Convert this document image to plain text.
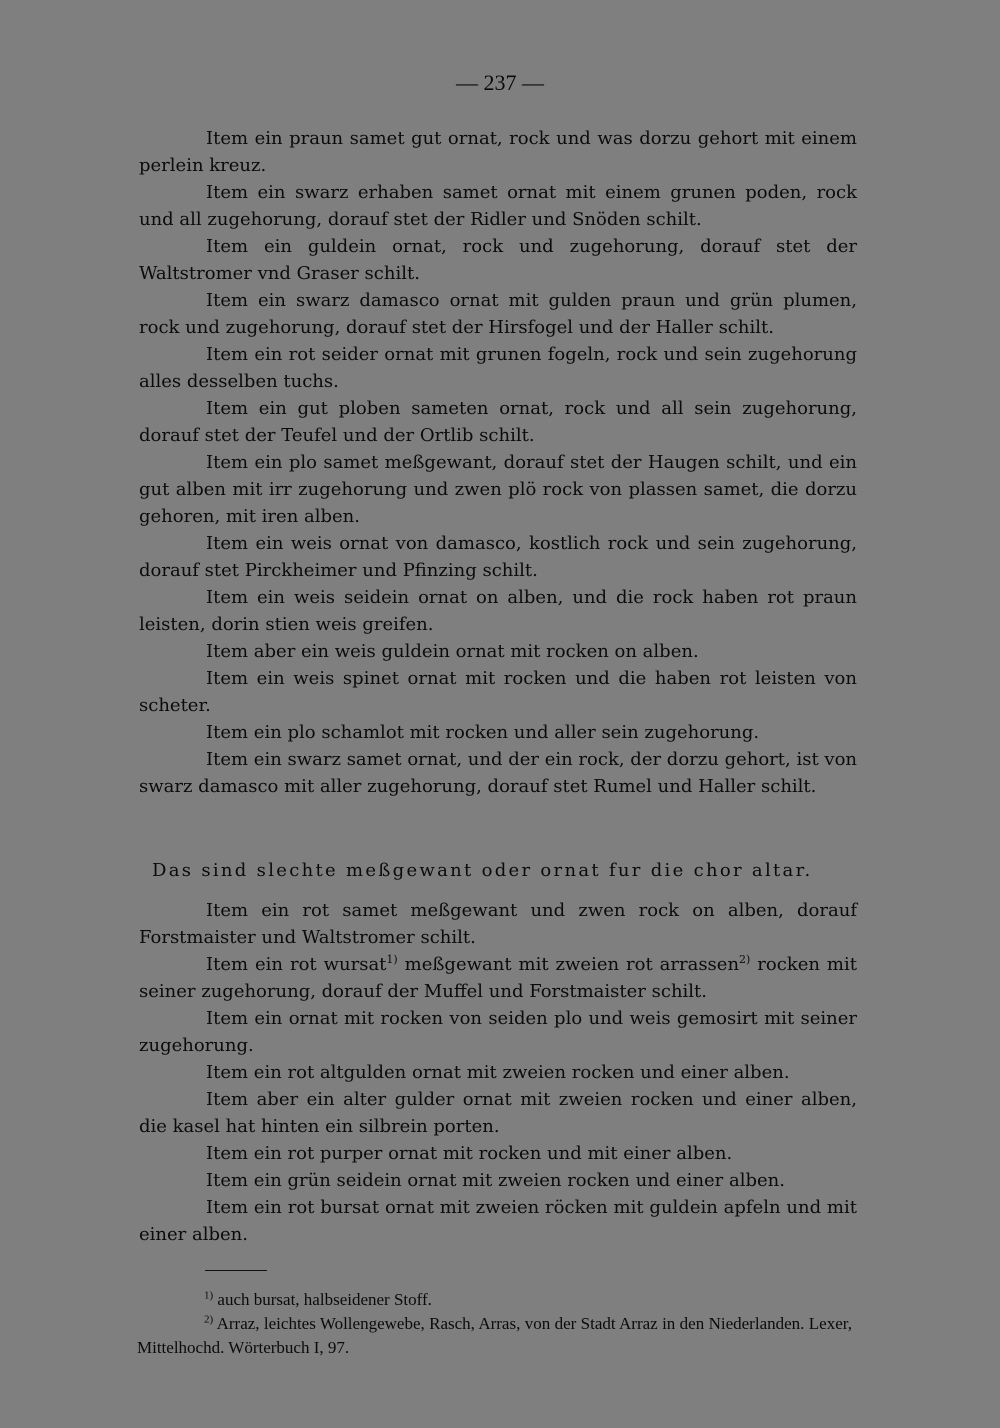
— 237 —

Item ein praun samet gut ornat, rock und was dorzu gehort mit einem perlein kreuz.

Item ein swarz erhaben samet ornat mit einem grunen poden, rock und all zugehorung, dorauf stet der Ridler und Snöden schilt.

Item ein guldein ornat, rock und zugehorung, dorauf stet der Waltstromer vnd Graser schilt.

Item ein swarz damasco ornat mit gulden praun und grün plumen, rock und zugehorung, dorauf stet der Hirsfogel und der Haller schilt.

Item ein rot seider ornat mit grunen fogeln, rock und sein zugehorung alles desselben tuchs.

Item ein gut ploben sameten ornat, rock und all sein zugehorung, dorauf stet der Teufel und der Ortlib schilt.

Item ein plo samet meßgewant, dorauf stet der Haugen schilt, und ein gut alben mit irr zugehorung und zwen plö rock von plassen samet, die dorzu gehoren, mit iren alben.

Item ein weis ornat von damasco, kostlich rock und sein zugehorung, dorauf stet Pirckheimer und Pfinzing schilt.

Item ein weis seidein ornat on alben, und die rock haben rot praun leisten, dorin stien weis greifen.

Item aber ein weis guldein ornat mit rocken on alben.

Item ein weis spinet ornat mit rocken und die haben rot leisten von scheter.

Item ein plo schamlot mit rocken und aller sein zugehorung.

Item ein swarz samet ornat, und der ein rock, der dorzu gehort, ist von swarz damasco mit aller zugehorung, dorauf stet Rumel und Haller schilt.

Das sind slechte meßgewant oder ornat fur die chor altar.

Item ein rot samet meßgewant und zwen rock on alben, dorauf Forstmaister und Waltstromer schilt.

Item ein rot wursat$^{1)}$ meßgewant mit zweien rot arrassen$^{2)}$ rocken mit seiner zugehorung, dorauf der Muffel und Forstmaister schilt.

Item ein ornat mit rocken von seiden plo und weis gemosirt mit seiner zugehorung.

Item ein rot altgulden ornat mit zweien rocken und einer alben.

Item aber ein alter gulder ornat mit zweien rocken und einer alben, die kasel hat hinten ein silbrein porten.

Item ein rot purper ornat mit rocken und mit einer alben.

Item ein grün seidein ornat mit zweien rocken und einer alben.

Item ein rot bursat ornat mit zweien röcken mit guldein apfeln und mit einer alben.

$^{1)}$ auch bursat, halbseidener Stoff.

$^{2)}$ Arraz, leichtes Wollengewebe, Rasch, Arras, von der Stadt Arraz in den Niederlanden. Lexer, Mittelhochd. Wörterbuch I, 97.
